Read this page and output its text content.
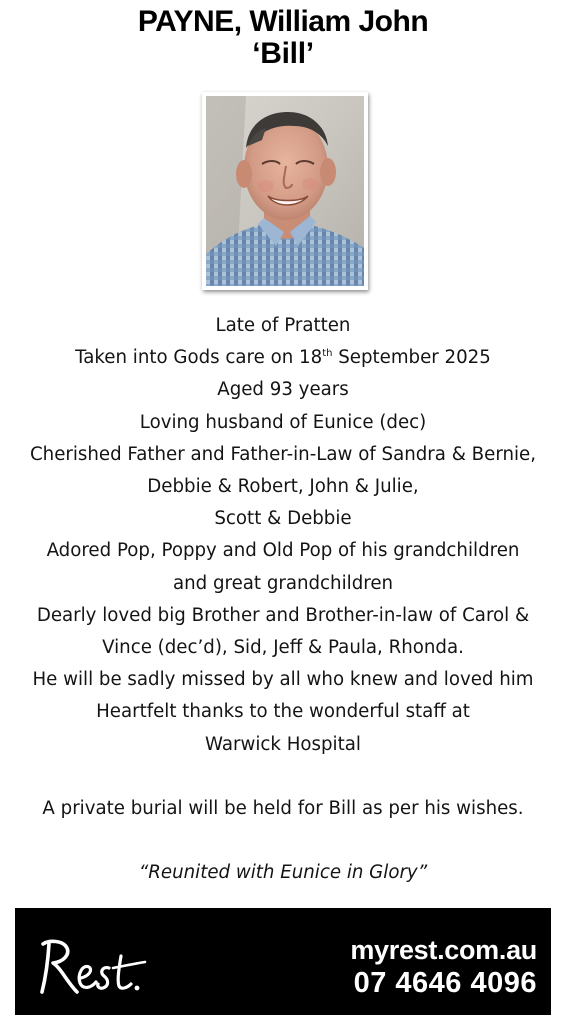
PAYNE, William John
‘Bill’
Late of Pratten
Taken into Gods care on 18th September 2025
Aged 93 years
Loving husband of Eunice (dec)
Cherished Father and Father-in-Law of Sandra & Bernie,
Debbie & Robert, John & Julie,
Scott & Debbie
Adored Pop, Poppy and Old Pop of his grandchildren
and great grandchildren
Dearly loved big Brother and Brother-in-law of Carol &
Vince (dec’d), Sid, Jeff & Paula, Rhonda.
He will be sadly missed by all who knew and loved him
Heartfelt thanks to the wonderful staff at
Warwick Hospital
A private burial will be held for Bill as per his wishes.
“Reunited with Eunice in Glory”
myrest.com.au
07 4646 4096
